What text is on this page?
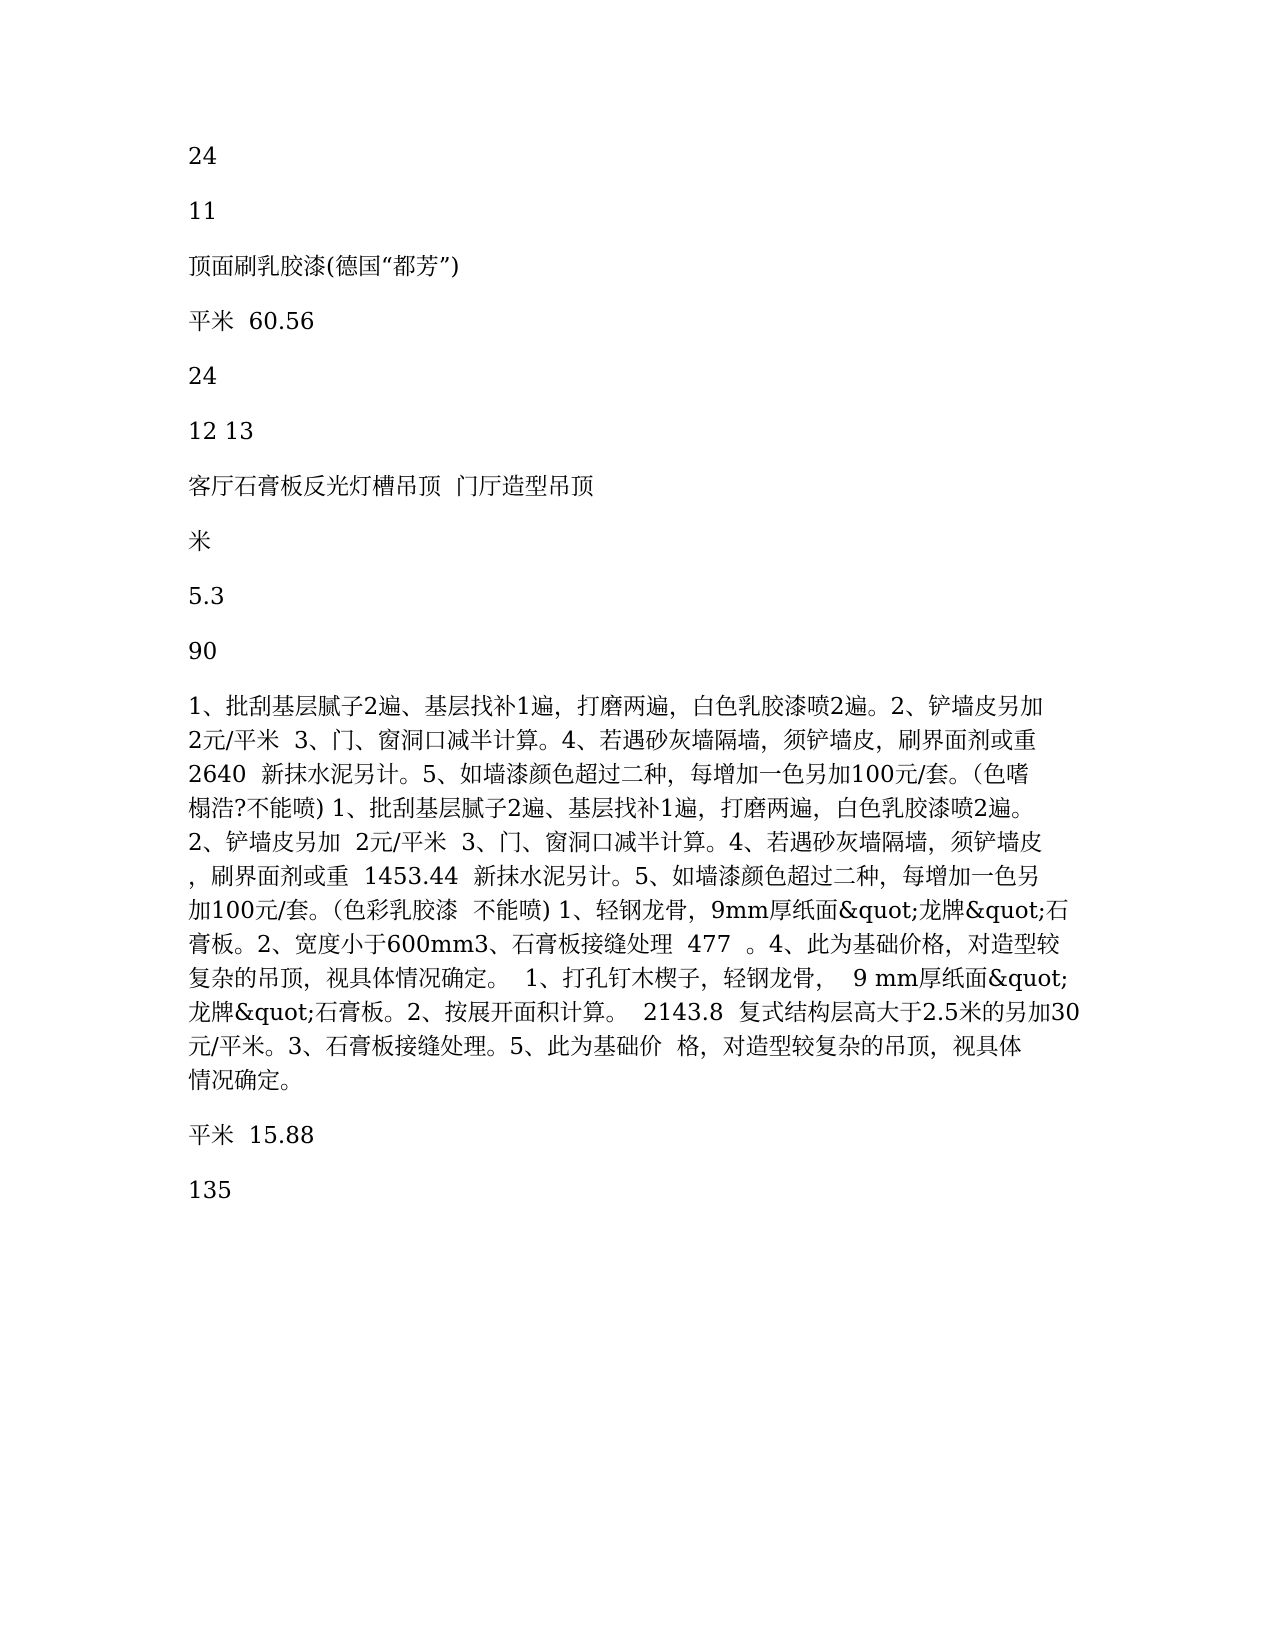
24
11
顶面刷乳胶漆(德国“都芳”)
平米  60.56
24
12 13
客厅石膏板反光灯槽吊顶  门厅造型吊顶
米
5.3
90
1、批刮基层腻子2遍、基层找补1遍，打磨两遍，白色乳胶漆喷2遍。2、铲墙皮另加
2元/平米  3、门、窗洞口减半计算。4、若遇砂灰墙隔墙，须铲墙皮，刷界面剂或重
2640  新抹水泥另计。5、如墙漆颜色超过二种，每增加一色另加100元/套。（色嗜
榻浩?不能喷) 1、批刮基层腻子2遍、基层找补1遍，打磨两遍，白色乳胶漆喷2遍。
2、铲墙皮另加  2元/平米  3、门、窗洞口减半计算。4、若遇砂灰墙隔墙，须铲墙皮
，刷界面剂或重  1453.44  新抹水泥另计。5、如墙漆颜色超过二种，每增加一色另
加100元/套。（色彩乳胶漆  不能喷) 1、轻钢龙骨，9mm厚纸面&quot;龙牌&quot;石
膏板。2、宽度小于600mm3、石膏板接缝处理  477  。4、此为基础价格，对造型较
复杂的吊顶，视具体情况确定。  1、打孔钉木楔子，轻钢龙骨，  9 mm厚纸面&quot;
龙牌&quot;石膏板。2、按展开面积计算。  2143.8  复式结构层高大于2.5米的另加30
元/平米。3、石膏板接缝处理。5、此为基础价  格，对造型较复杂的吊顶，视具体
情况确定。
平米  15.88
135
